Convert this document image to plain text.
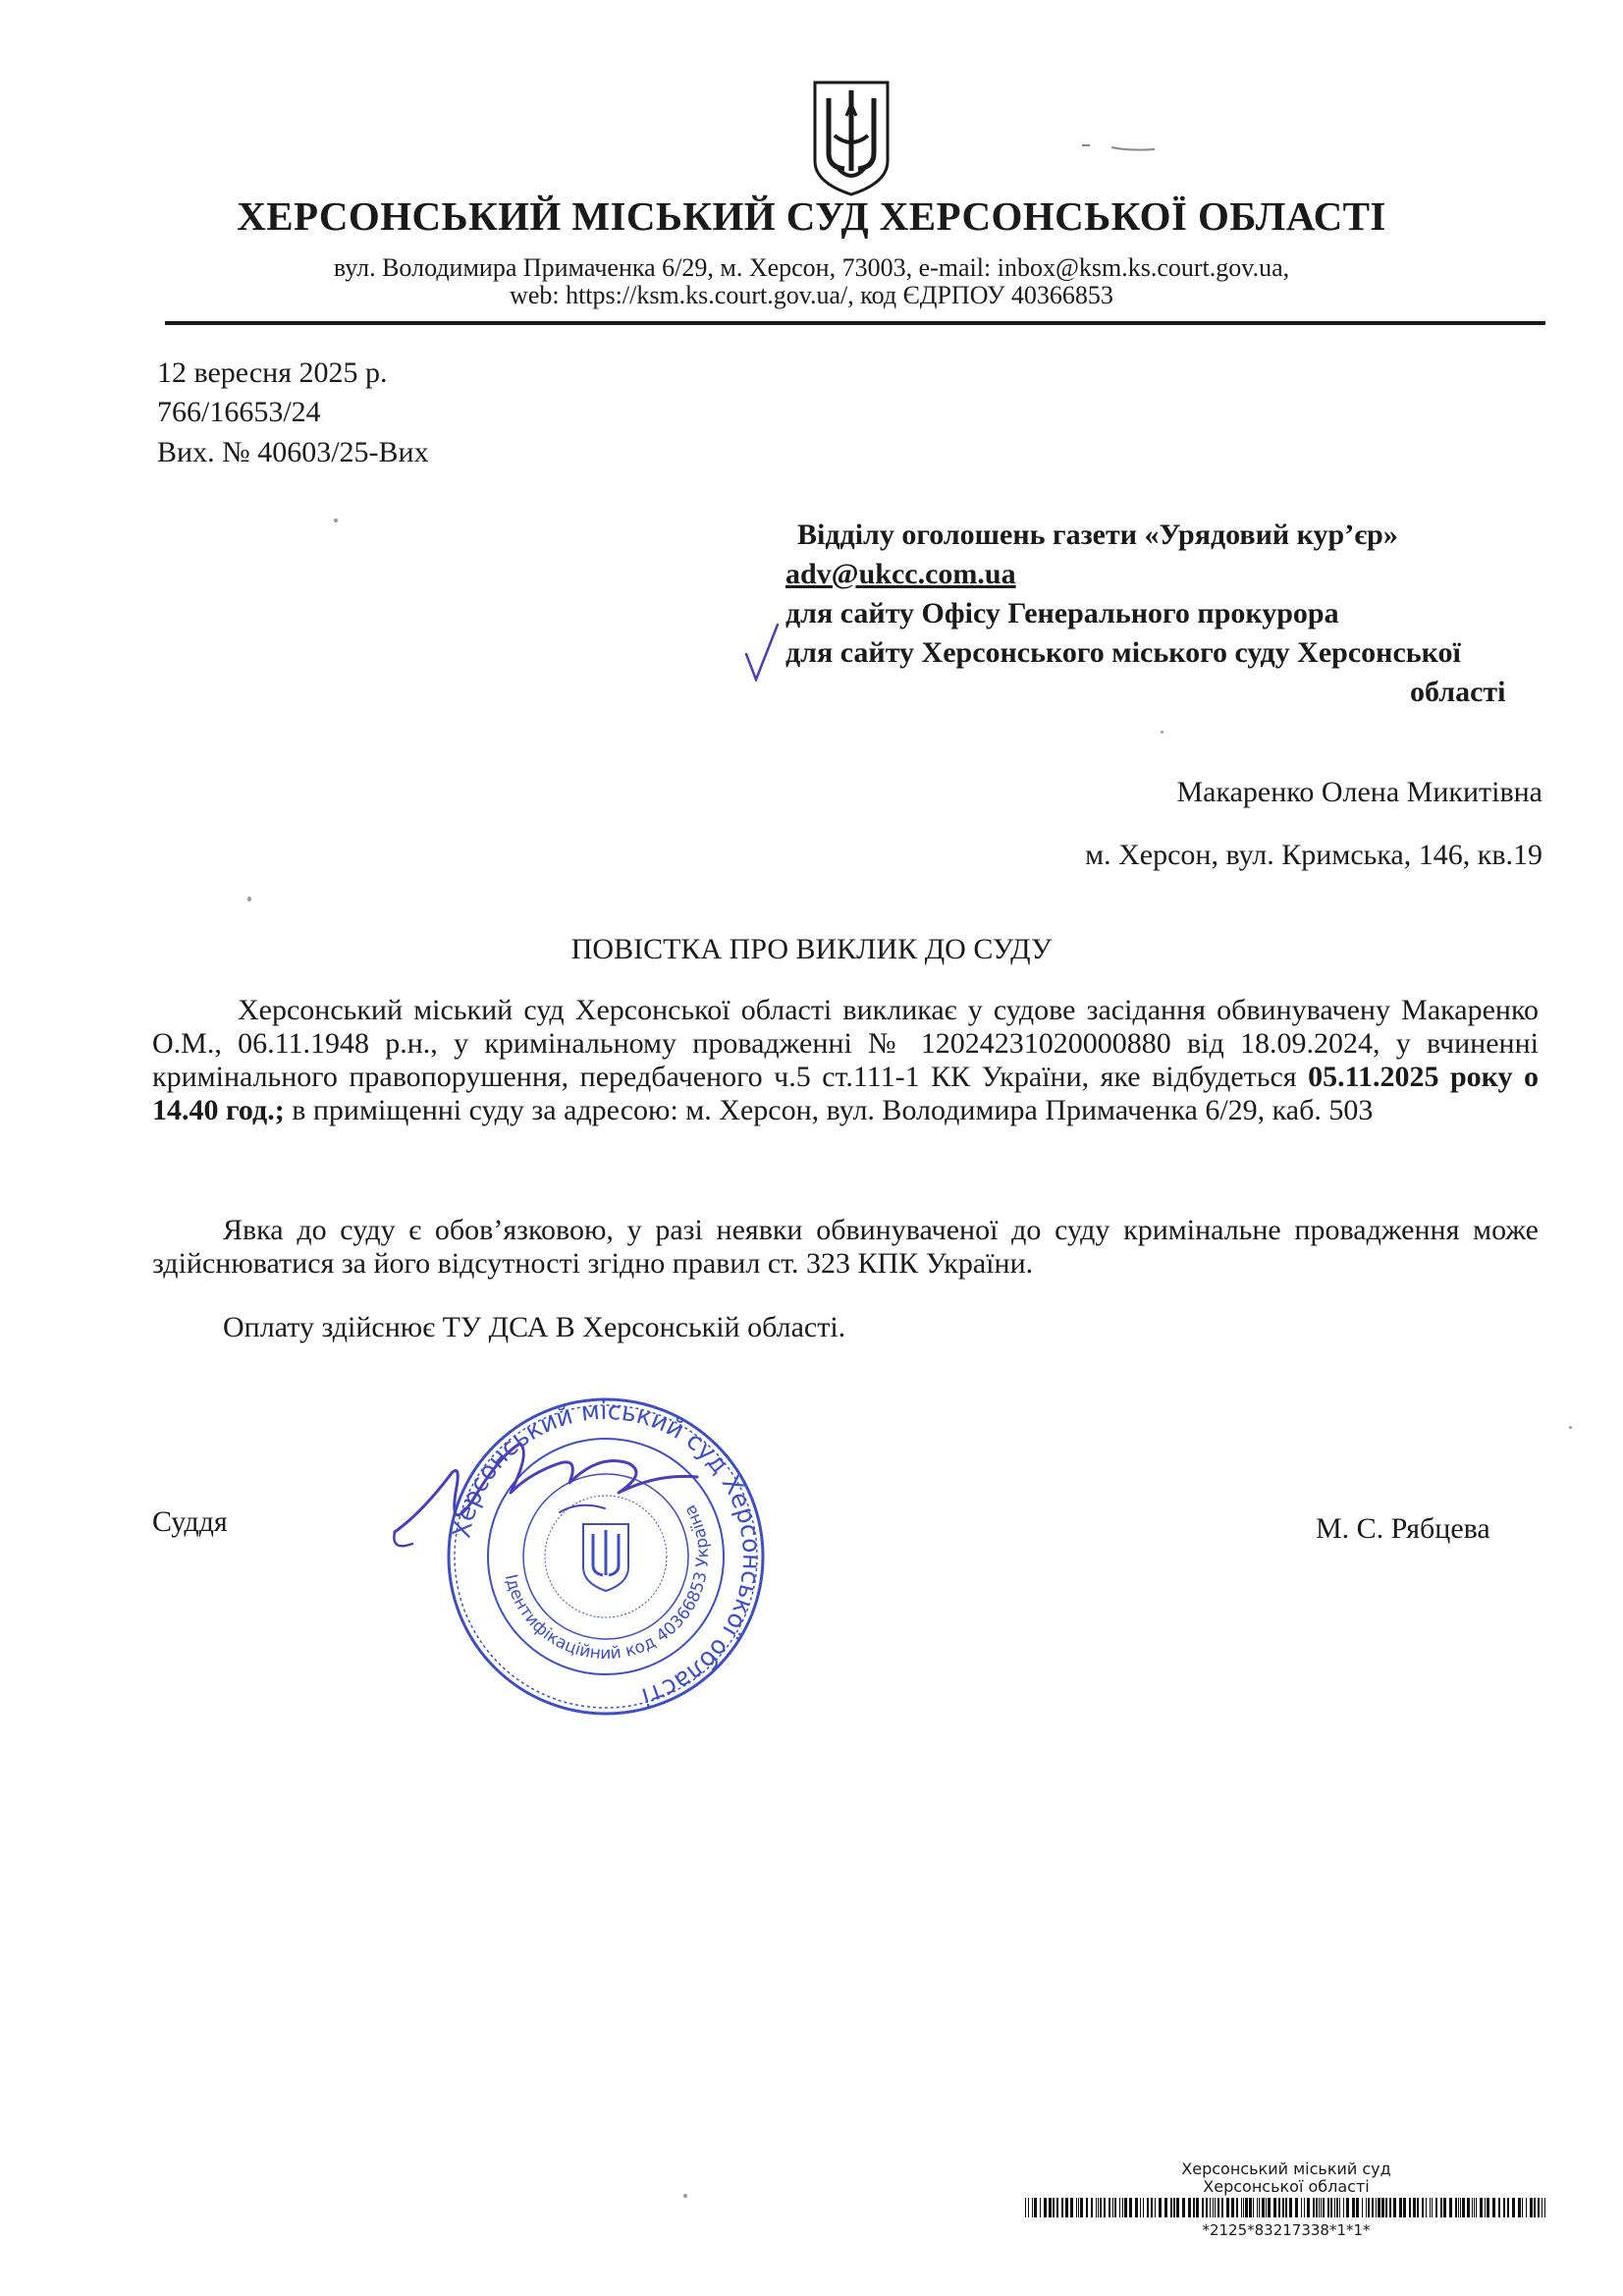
ХЕРСОНСЬКИЙ МІСЬКИЙ СУД ХЕРСОНСЬКОЇ ОБЛАСТІ
вул. Володимира Примаченка 6/29, м. Херсон, 73003, e-mail: inbox@ksm.ks.court.gov.ua,
web: https://ksm.ks.court.gov.ua/, код ЄДРПОУ 40366853
12 вересня 2025 р.
766/16653/24
Вих. № 40603/25-Вих
Відділу оголошень газети «Урядовий кур’єр»
adv@ukcc.com.ua
для сайту Офісу Генерального прокурора
для сайту Херсонського міського суду Херсонської
області
Макаренко Олена Микитівна
м. Херсон, вул. Кримська, 146, кв.19
ПОВІСТКА ПРО ВИКЛИК ДО СУДУ
Херсонський міський суд Херсонської області викликає у судове засідання обвинувачену Макаренко О.М., 06.11.1948 р.н., у кримінальному провадженні № 12024231020000880 від 18.09.2024, у вчиненні кримінального правопорушення, передбаченого ч.5 ст.111-1 КК України, яке відбудеться 05.11.2025 року о 14.40 год.; в приміщенні суду за адресою: м. Херсон, вул. Володимира Примаченка 6/29, каб. 503
Явка до суду є обов’язковою, у разі неявки обвинуваченої до суду кримінальне провадження може здійснюватися за його відсутності згідно правил ст. 323 КПК України.
Оплату здійснює ТУ ДСА В Херсонській області.
Суддя	М. С. Рябцева
Херсонський міський суд Херсонської області
Ідентифікаційний код 40366853 Україна
Херсонський міський суд
Херсонської області
*2125*83217338*1*1*
